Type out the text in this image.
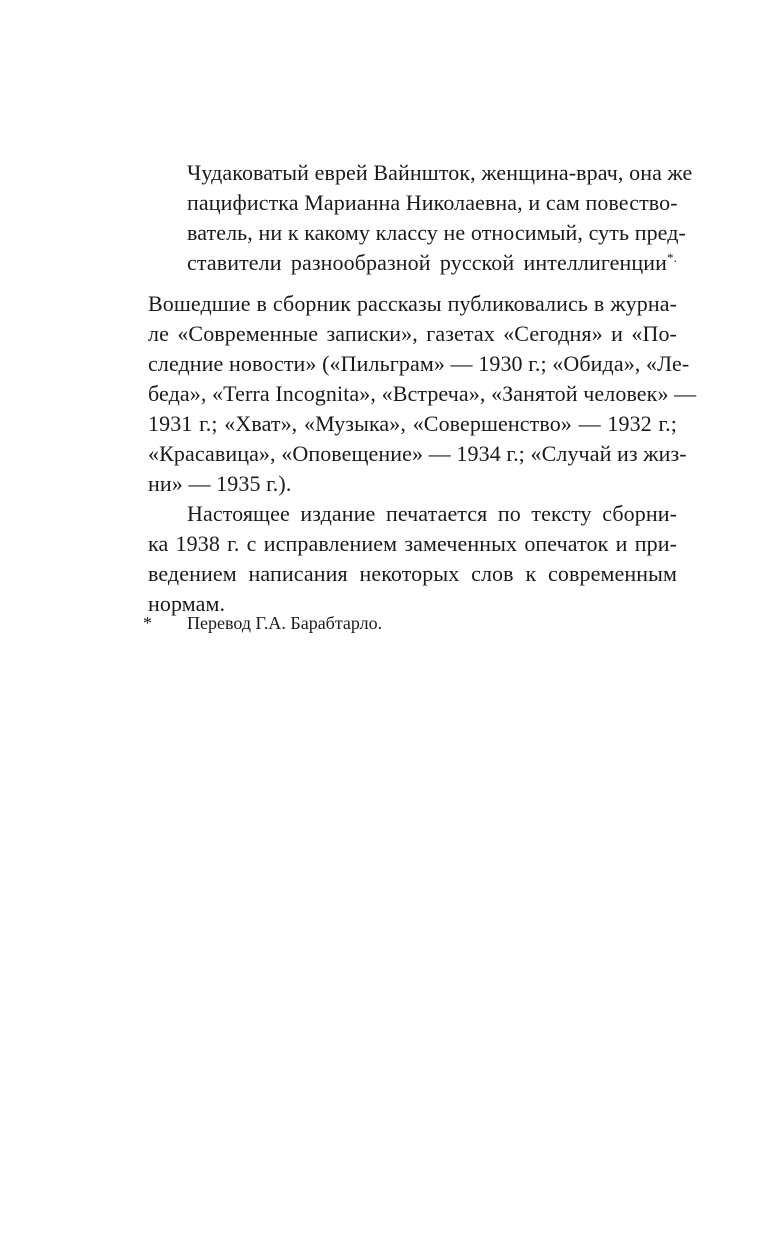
Чудаковатый еврей Вайншток, женщина-врач, она же
пацифистка Марианна Николаевна, и сам повество-
ватель, ни к какому классу не относимый, суть пред-
ставители разнообразной русской интеллигенции*.
Вошедшие в сборник рассказы публиковались в журна-
ле «Современные записки», газетах «Сегодня» и «По-
следние новости» («Пильграм» — 1930 г.; «Обида», «Ле-
беда», «Terra Incognita», «Встреча», «Занятой человек» —
1931 г.; «Хват», «Музыка», «Совершенство» — 1932 г.;
«Красавица», «Оповещение» — 1934 г.; «Случай из жиз-
ни» — 1935 г.).
Настоящее издание печатается по тексту сборни-
ка 1938 г. с исправлением замеченных опечаток и при-
ведением написания некоторых слов к современным
нормам.
* Перевод Г.А. Барабтарло.
